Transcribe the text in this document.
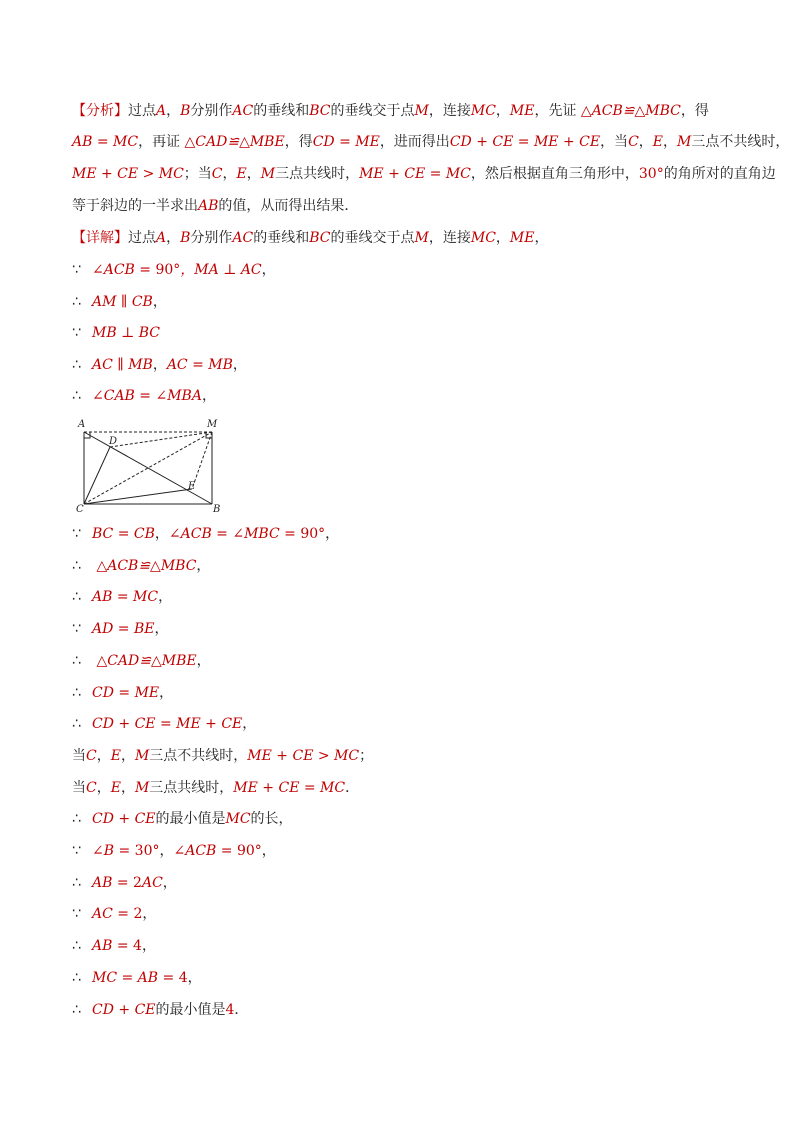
【分析】过点A，B分别作AC的垂线和BC的垂线交于点M，连接MC，ME，先证 △ACB≌△MBC，得
AB = MC，再证 △CAD≌△MBE，得CD = ME，进而得出CD + CE = ME + CE，当C，E，M三点不共线时，
ME + CE > MC；当C，E，M三点共线时，ME + CE = MC，然后根据直角三角形中，30°的角所对的直角边
等于斜边的一半求出AB的值，从而得出结果．
【详解】过点A，B分别作AC的垂线和BC的垂线交于点M，连接MC，ME，
∵ ∠ACB = 90°，MA ⊥ AC，
∴ AM ∥ CB，
∵ MB ⊥ BC
∴ AC ∥ MB，AC = MB，
∴ ∠CAB = ∠MBA，
∵ BC = CB，∠ACB = ∠MBC = 90°，
∴ △ACB≌△MBC，
∴ AB = MC，
∵ AD = BE，
∴ △CAD≌△MBE，
∴ CD = ME，
∴ CD + CE = ME + CE，
当C，E，M三点不共线时，ME + CE > MC；
当C，E，M三点共线时，ME + CE = MC．
∴ CD + CE的最小值是MC的长，
∵ ∠B = 30°，∠ACB = 90°，
∴ AB = 2AC，
∵ AC = 2，
∴ AB = 4，
∴ MC = AB = 4，
∴ CD + CE的最小值是4．
A	M
D
E
C	B
